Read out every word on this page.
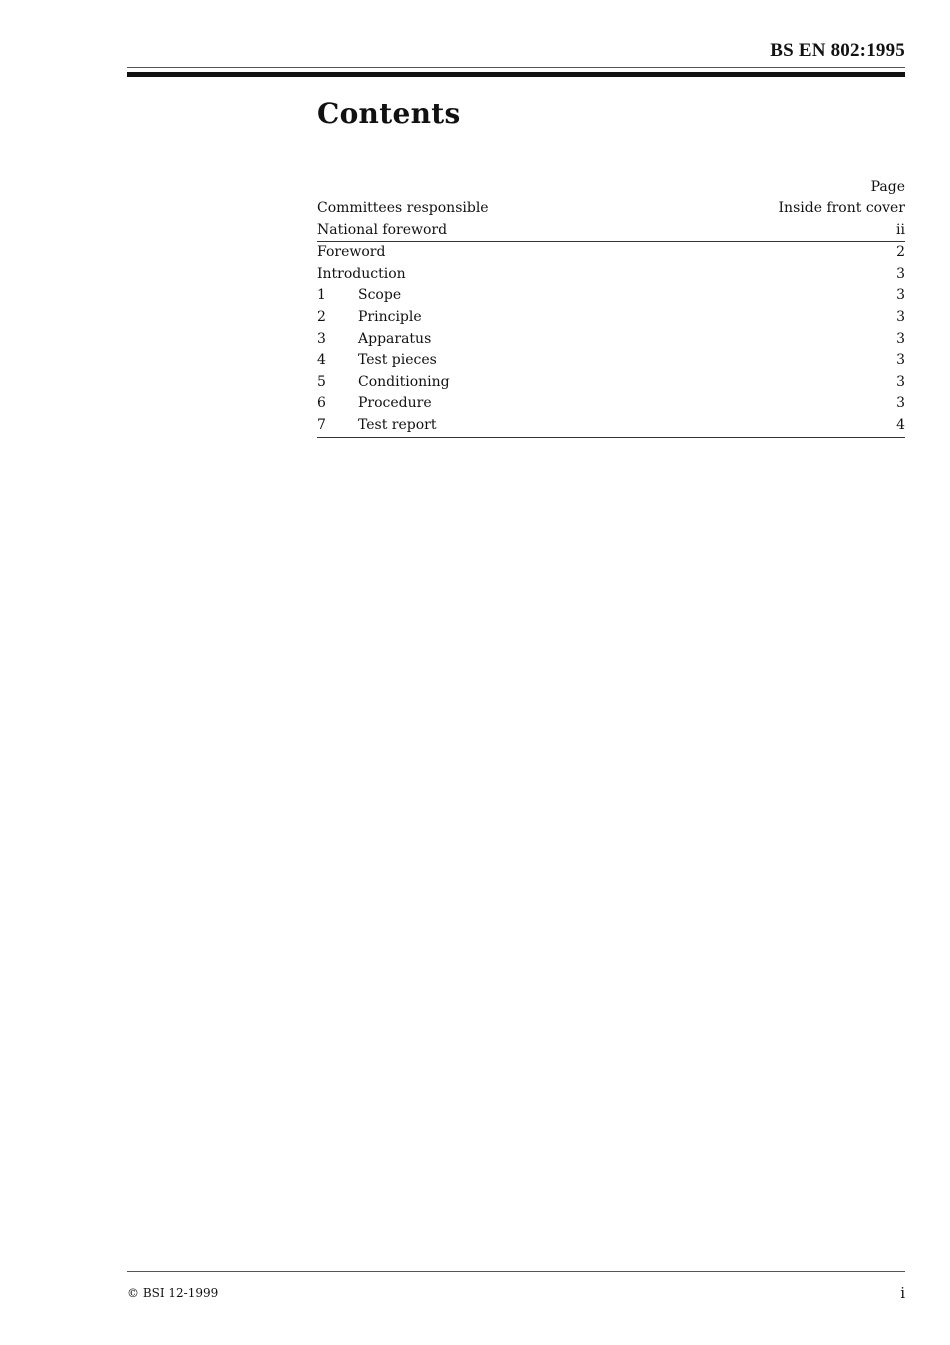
BS EN 802:1995
Contents
Page
Committees responsible	Inside front cover
National foreword	ii
Foreword	2
Introduction	3
1	Scope	3
2	Principle	3
3	Apparatus	3
4	Test pieces	3
5	Conditioning	3
6	Procedure	3
7	Test report	4
© BSI 12-1999	i
